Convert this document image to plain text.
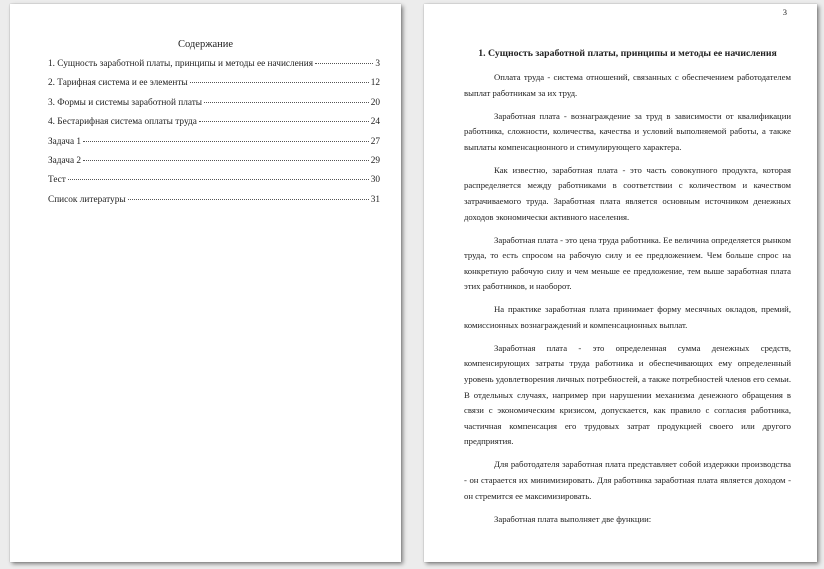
Содержание
1. Сущность заработной платы, принципы и методы ее начисления	3
2. Тарифная система и ее элементы	12
3. Формы и системы заработной платы	20
4. Бестарифная система оплаты труда	24
Задача 1	27
Задача 2	29
Тест	30
Список литературы	31
3
1. Сущность заработной платы, принципы и методы ее начисления

Оплата труда - система отношений, связанных с обеспечением работодателем выплат работникам за их труд.

Заработная плата - вознаграждение за труд в зависимости от квалификации работника, сложности, количества, качества и условий выполняемой работы, а также выплаты компенсационного и стимулирующего характера.

Как известно, заработная плата - это часть совокупного продукта, которая распределяется между работниками в соответствии с количеством и качеством затрачиваемого труда. Заработная плата является основным источником денежных доходов экономически активного населения.

Заработная плата - это цена труда работника. Ее величина определяется рынком труда, то есть спросом на рабочую силу и ее предложением. Чем больше спрос на конкретную рабочую силу и чем меньше ее предложение, тем выше заработная плата этих работников, и наоборот.

На практике заработная плата принимает форму месячных окладов, премий, комиссионных вознаграждений и компенсационных выплат.

Заработная плата - это определенная сумма денежных средств, компенсирующих затраты труда работника и обеспечивающих ему определенный уровень удовлетворения личных потребностей, а также потребностей членов его семьи. В отдельных случаях, например при нарушении механизма денежного обращения в связи с экономическим кризисом, допускается, как правило с согласия работника, частичная компенсация его трудовых затрат продукцией своего или другого предприятия.

Для работодателя заработная плата представляет собой издержки производства - он старается их минимизировать. Для работника заработная плата является доходом - он стремится ее максимизировать.

Заработная плата выполняет две функции:
